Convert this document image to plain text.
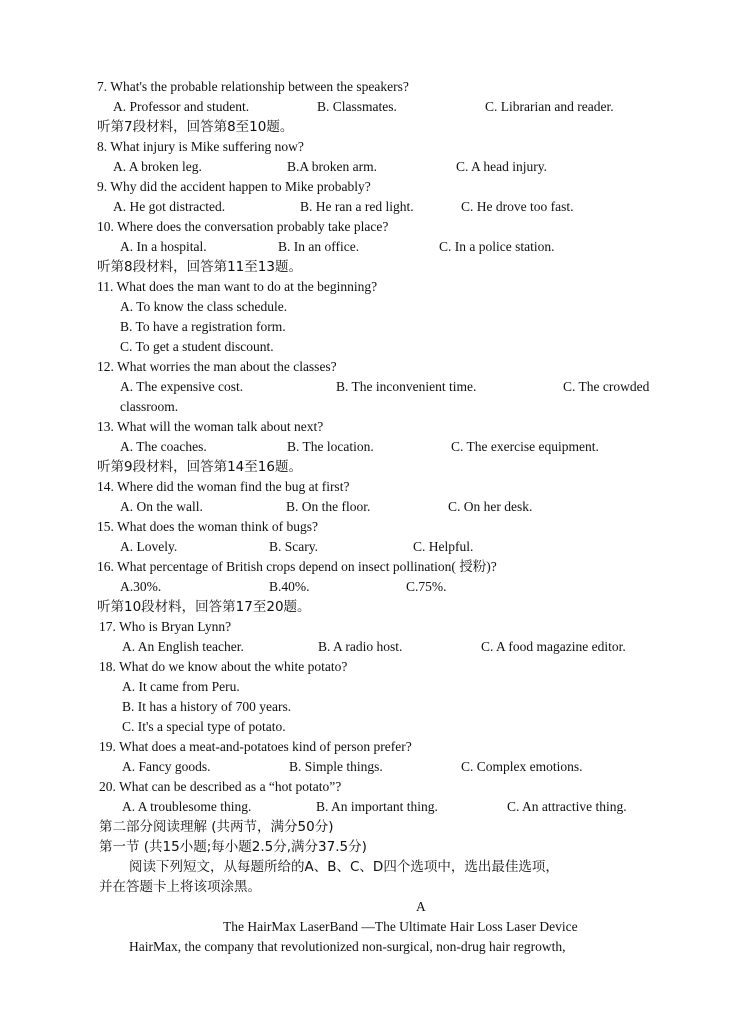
7. What's the probable relationship between the speakers?
A. Professor and student.	B. Classmates.	C. Librarian and reader.
听第7段材料，回答第8至10题。
8. What injury is Mike suffering now?
A. A broken leg.	B.A broken arm.	C. A head injury.
9. Why did the accident happen to Mike probably?
A. He got distracted.	B. He ran a red light.	C. He drove too fast.
10. Where does the conversation probably take place?
A. In a hospital.	B. In an office.	C. In a police station.
听第8段材料，回答第11至13题。
11. What does the man want to do at the beginning?
A. To know the class schedule.
B. To have a registration form.
C. To get a student discount.
12. What worries the man about the classes?
A. The expensive cost.	B. The inconvenient time.	C. The crowded
classroom.
13. What will the woman talk about next?
A. The coaches.	B. The location.	C. The exercise equipment.
听第9段材料，回答第14至16题。
14. Where did the woman find the bug at first?
A. On the wall.	B. On the floor.	C. On her desk.
15. What does the woman think of bugs?
A. Lovely.	B. Scary.	C. Helpful.
16. What percentage of British crops depend on insect pollination( 授粉)?
A.30%.	B.40%.	C.75%.
听第10段材料，回答第17至20题。
17. Who is Bryan Lynn?
A. An English teacher.	B. A radio host.	C. A food magazine editor.
18. What do we know about the white potato?
A. It came from Peru.
B. It has a history of 700 years.
C. It's a special type of potato.
19. What does a meat-and-potatoes kind of person prefer?
A. Fancy goods.	B. Simple things.	C. Complex emotions.
20. What can be described as a “hot potato”?
A. A troublesome thing.	B. An important thing.	C. An attractive thing.
第二部分阅读理解 (共两节，满分50分)
第一节 (共15小题;每小题2.5分,满分37.5分)
阅读下列短文，从每题所给的A、B、C、D四个选项中，选出最佳选项，
并在答题卡上将该项涂黑。
A
The HairMax LaserBand —The Ultimate Hair Loss Laser Device
HairMax, the company that revolutionized non-surgical, non-drug hair regrowth,
